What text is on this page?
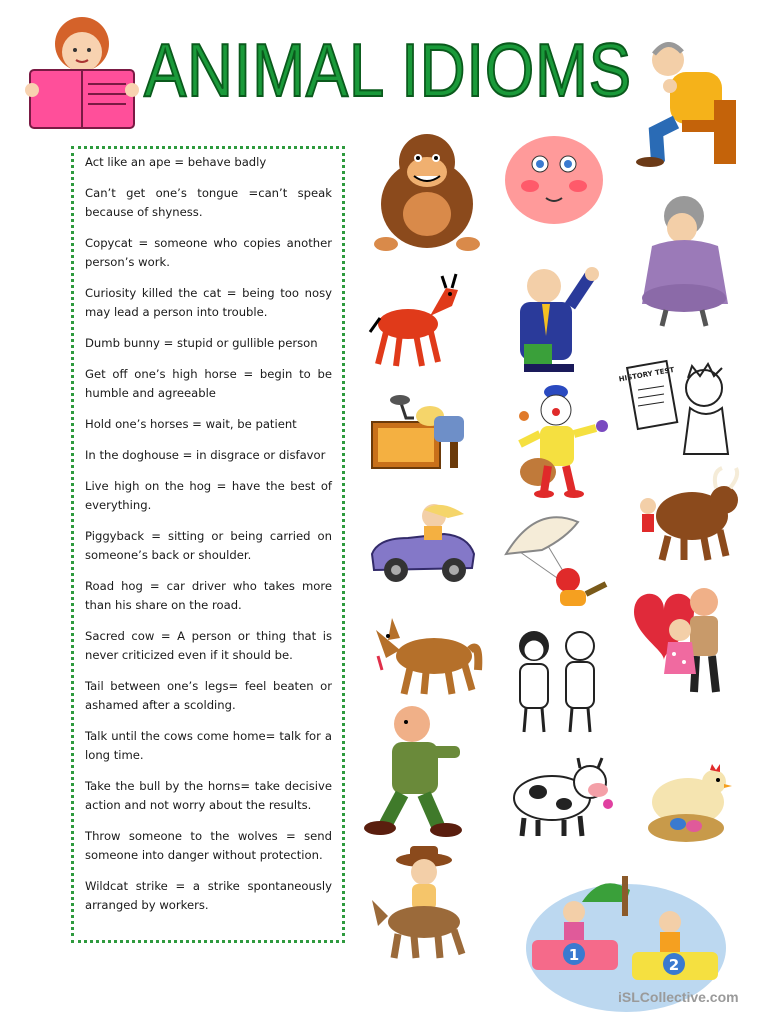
ANIMAL IDIOMS
1
2
HISTORY TEST

Act like an ape = behave badly

Can’t get one’s tongue =can’t speak because of shyness.

Copycat = someone who copies another person’s work.

Curiosity killed the cat = being too nosy may lead a person into trouble.

Dumb bunny = stupid or gullible person

Get off one’s high horse = begin to be humble and agreeable

Hold one’s horses = wait, be patient

In the doghouse = in disgrace or disfavor

Live high on the hog = have the best of everything.

Piggyback = sitting or being carried on someone’s back or shoulder.

Road hog = car driver who takes more than his share on the road.

Sacred cow = A person or thing that is never criticized even if it should be.

Tail between one’s legs= feel beaten or ashamed after a scolding.

Talk until the cows come home= talk for a long time.

Take the bull by the horns= take decisive action and not worry about the results.

Throw someone to the wolves = send someone into danger without protection.

Wildcat strike = a strike spontaneously arranged by workers.

iSLCollective.com
